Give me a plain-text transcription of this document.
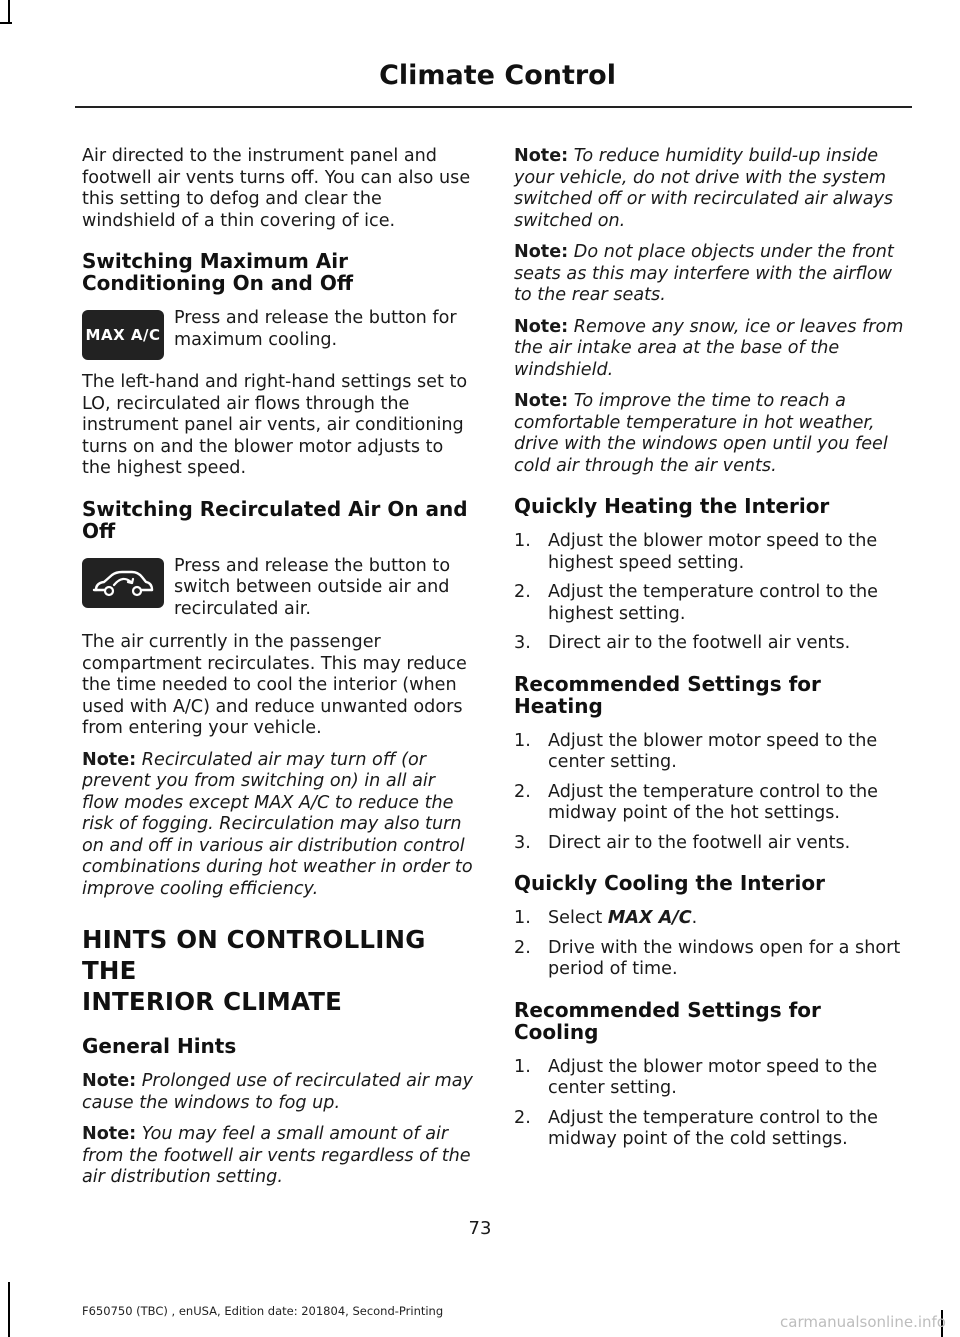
Climate Control

Air directed to the instrument panel and footwell air vents turns off. You can also use this setting to defog and clear the windshield of a thin covering of ice.

Switching Maximum Air Conditioning On and Off
MAX A/C
Press and release the button for maximum cooling.

The left-hand and right-hand settings set to LO, recirculated air flows through the instrument panel air vents, air conditioning turns on and the blower motor adjusts to the highest speed.

Switching Recirculated Air On and Off
Press and release the button to switch between outside air and recirculated air.

The air currently in the passenger compartment recirculates. This may reduce the time needed to cool the interior (when used with A/C) and reduce unwanted odors from entering your vehicle.

Note: Recirculated air may turn off (or prevent you from switching on) in all air flow modes except MAX A/C to reduce the risk of fogging. Recirculation may also turn on and off in various air distribution control combinations during hot weather in order to improve cooling efficiency.

HINTS ON CONTROLLING THE
INTERIOR CLIMATE
General Hints

Note: Prolonged use of recirculated air may cause the windows to fog up.

Note: You may feel a small amount of air from the footwell air vents regardless of the air distribution setting.

Note: To reduce humidity build-up inside your vehicle, do not drive with the system switched off or with recirculated air always switched on.

Note: Do not place objects under the front seats as this may interfere with the airflow to the rear seats.

Note: Remove any snow, ice or leaves from the air intake area at the base of the windshield.

Note: To improve the time to reach a comfortable temperature in hot weather, drive with the windows open until you feel cold air through the air vents.

Quickly Heating the Interior
1. Adjust the blower motor speed to the highest speed setting.
2. Adjust the temperature control to the highest setting.
3. Direct air to the footwell air vents.
Recommended Settings for Heating
1. Adjust the blower motor speed to the center setting.
2. Adjust the temperature control to the midway point of the hot settings.
3. Direct air to the footwell air vents.
Quickly Cooling the Interior
1. Select MAX A/C.
2. Drive with the windows open for a short period of time.
Recommended Settings for Cooling
1. Adjust the blower motor speed to the center setting.
2. Adjust the temperature control to the midway point of the cold settings.
73
F650750 (TBC) , enUSA, Edition date: 201804, Second-Printing
carmanualsonline.info
